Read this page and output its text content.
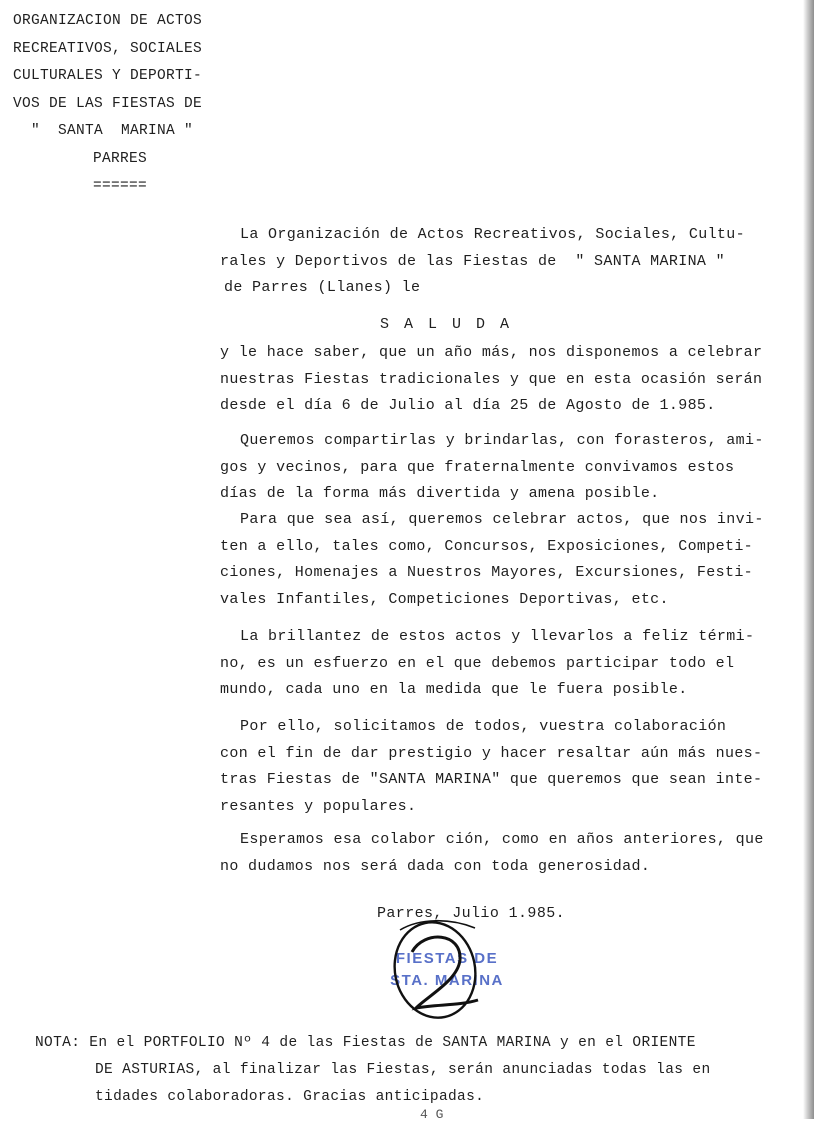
ORGANIZACION DE ACTOS
RECREATIVOS, SOCIALES
CULTURALES Y DEPORTI-
VOS DE LAS FIESTAS DE
"  SANTA  MARINA "
PARRES
======
La Organización de Actos Recreativos, Sociales, Cultu-
rales y Deportivos de las Fiestas de  " SANTA MARINA "
de Parres (Llanes) le
SALUDA
y le hace saber, que un año más, nos disponemos a celebrar
nuestras Fiestas tradicionales y que en esta ocasión serán
desde el día 6 de Julio al día 25 de Agosto de 1.985.
Queremos compartirlas y brindarlas, con forasteros, ami-
gos y vecinos, para que fraternalmente convivamos estos
días de la forma más divertida y amena posible.
Para que sea así, queremos celebrar actos, que nos invi-
ten a ello, tales como, Concursos, Exposiciones, Competi-
ciones, Homenajes a Nuestros Mayores, Excursiones, Festi-
vales Infantiles, Competiciones Deportivas, etc.
La brillantez de estos actos y llevarlos a feliz térmi-
no, es un esfuerzo en el que debemos participar todo el
mundo, cada uno en la medida que le fuera posible.
Por ello, solicitamos de todos, vuestra colaboración
con el fin de dar prestigio y hacer resaltar aún más nues-
tras Fiestas de "SANTA MARINA" que queremos que sean inte-
resantes y populares.
Esperamos esa colabor ción, como en años anteriores, que
no dudamos nos será dada con toda generosidad.
Parres, Julio 1.985.
FIESTAS DE
STA. MARINA
NOTA: En el PORTFOLIO Nº 4 de las Fiestas de SANTA MARINA y en el ORIENTE
DE ASTURIAS, al finalizar las Fiestas, serán anunciadas todas las en
tidades colaboradoras. Gracias anticipadas.
4 G
